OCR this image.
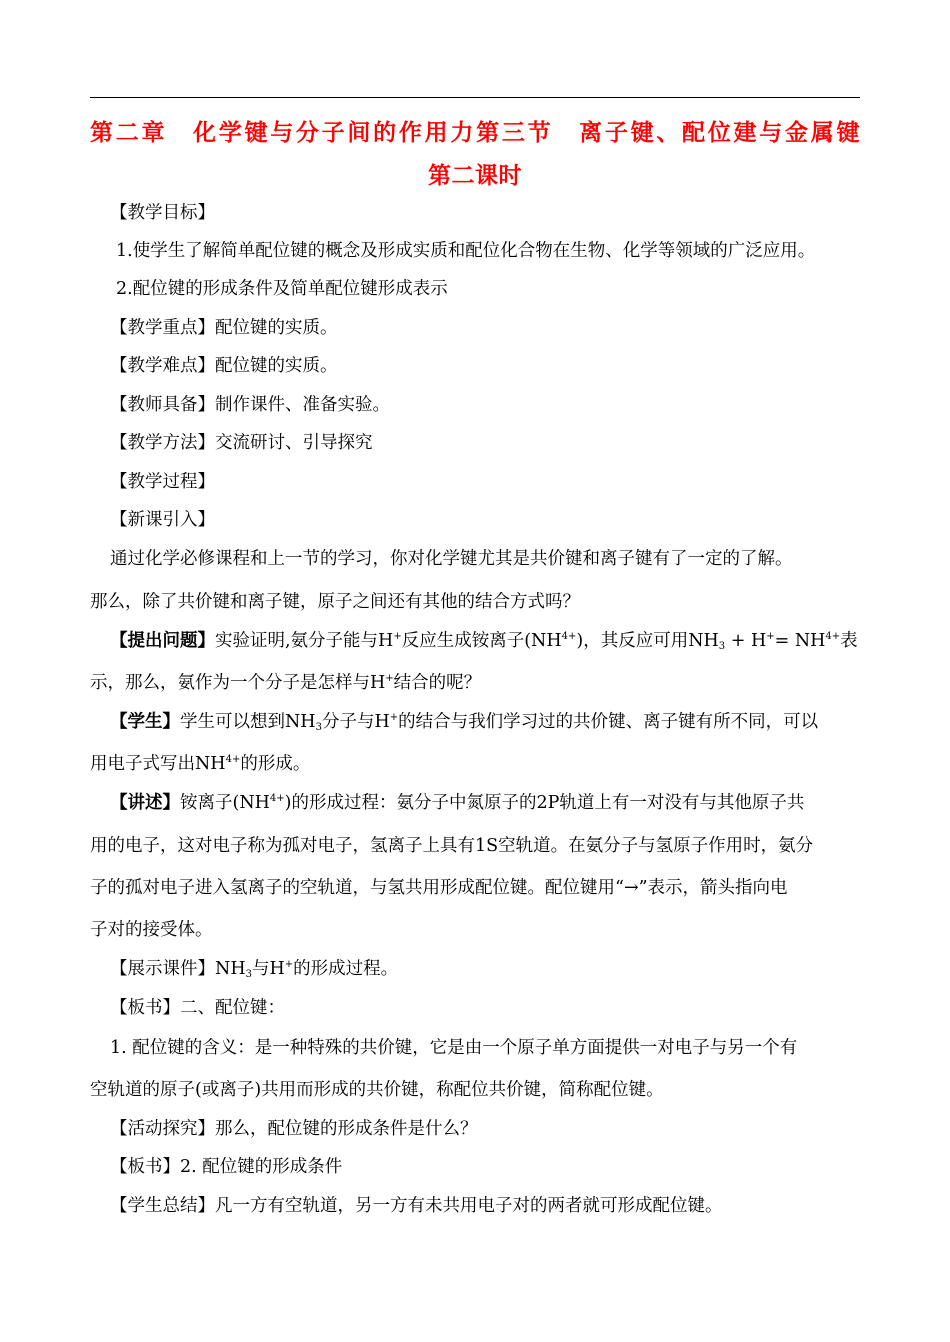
第二章　化学键与分子间的作用力第三节　离子键、配位建与金属键
第二课时
【教学目标】
1.使学生了解简单配位键的概念及形成实质和配位化合物在生物、化学等领域的广泛应用。
2.配位键的形成条件及简单配位键形成表示
【教学重点】配位键的实质。
【教学难点】配位键的实质。
【教师具备】制作课件、准备实验。
【教学方法】交流研讨、引导探究
【教学过程】
【新课引入】
通过化学必修课程和上一节的学习，你对化学键尤其是共价键和离子键有了一定的了解。
那么，除了共价键和离子键，原子之间还有其他的结合方式吗？
【提出问题】实验证明,氨分子能与H+反应生成铵离子$(NH^{4+})$，其反应可用$NH_3 + H^+= NH^{4+}$表
示，那么，氨作为一个分子是怎样与H+结合的呢？
【学生】学生可以想到$NH_3$分子与H+的结合与我们学习过的共价键、离子键有所不同，可以
用电子式写出$NH^{4+}$的形成。
【讲述】铵离子$(NH^{4+})$的形成过程：氨分子中氮原子的2P轨道上有一对没有与其他原子共
用的电子，这对电子称为孤对电子，氢离子上具有1S空轨道。在氨分子与氢原子作用时，氨分
子的孤对电子进入氢离子的空轨道，与氢共用形成配位键。配位键用“→”表示，箭头指向电
子对的接受体。
【展示课件】$NH_3$与H+的形成过程。
【板书】二、配位键：
1. 配位键的含义：是一种特殊的共价键，它是由一个原子单方面提供一对电子与另一个有
空轨道的原子(或离子)共用而形成的共价键，称配位共价键，简称配位键。
【活动探究】那么，配位键的形成条件是什么？
【板书】2. 配位键的形成条件
【学生总结】凡一方有空轨道，另一方有未共用电子对的两者就可形成配位键。
